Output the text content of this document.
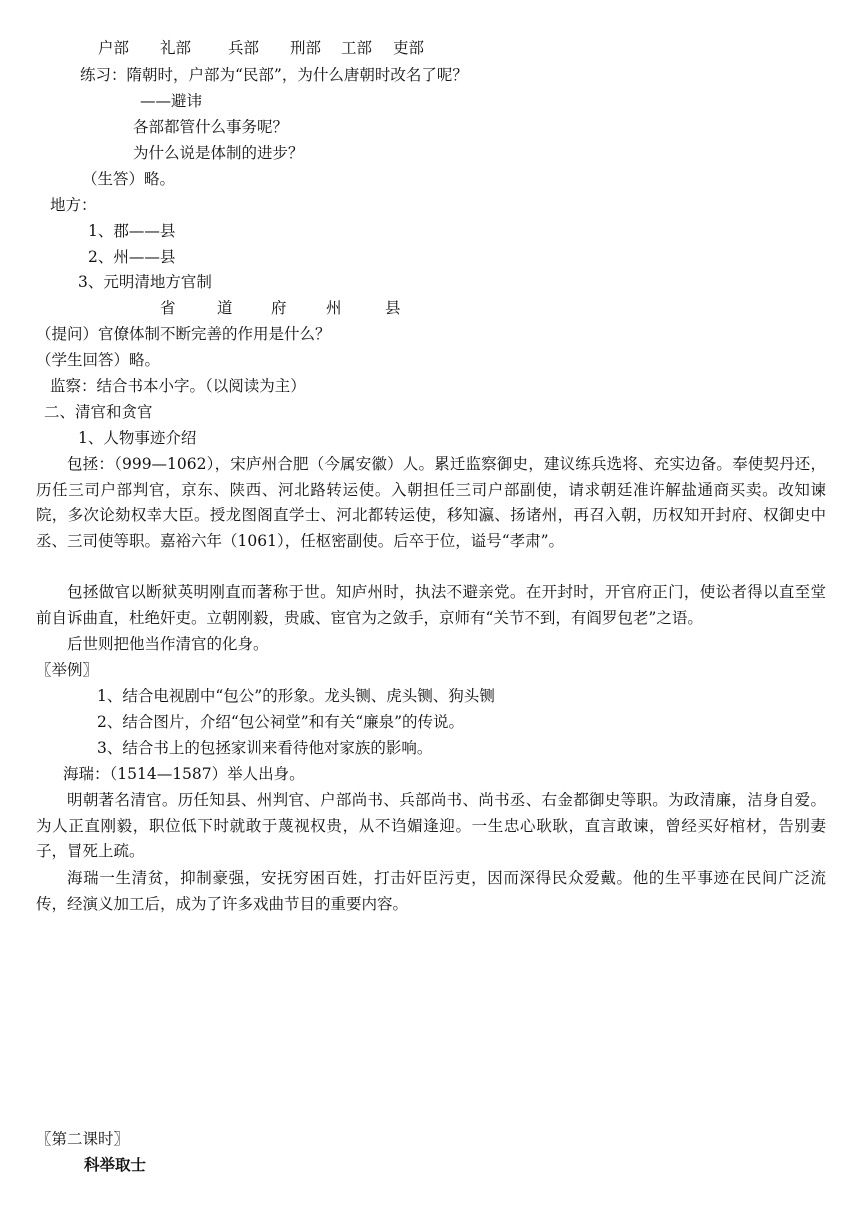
户部 礼部 兵部 刑部 工部 吏部
练习：隋朝时，户部为“民部”，为什么唐朝时改名了呢？
——避讳
各部都管什么事务呢？
为什么说是体制的进步？
（生答）略。
地方：
1、郡——县
2、州——县
3、元明清地方官制
省	道 府	州	县
（提问）官僚体制不断完善的作用是什么？
（学生回答）略。
监察：结合书本小字。（以阅读为主）
二、清官和贪官
1、人物事迹介绍
包拯：（999—1062），宋庐州合肥（今属安徽）人。累迁监察御史，建议练兵选将、充实边备。奉使契丹还，历任三司户部判官，京东、陕西、河北路转运使。入朝担任三司户部副使，请求朝廷准许解盐通商买卖。改知谏院，多次论劾权幸大臣。授龙图阁直学士、河北都转运使，移知瀛、扬诸州，再召入朝，历权知开封府、权御史中丞、三司使等职。嘉裕六年（1061），任枢密副使。后卒于位，谥号“孝肃”。
包拯做官以断狱英明刚直而著称于世。知庐州时，执法不避亲党。在开封时，开官府正门，使讼者得以直至堂前自诉曲直，杜绝奸吏。立朝刚毅，贵戚、宦官为之敛手，京师有“关节不到，有阎罗包老”之语。
后世则把他当作清官的化身。
〖举例〗
1、结合电视剧中“包公”的形象。龙头铡、虎头铡、狗头铡
2、结合图片，介绍“包公祠堂”和有关“廉泉”的传说。
3、结合书上的包拯家训来看待他对家族的影响。
海瑞：（1514—1587）举人出身。
明朝著名清官。历任知县、州判官、户部尚书、兵部尚书、尚书丞、右金都御史等职。为政清廉，洁身自爱。为人正直刚毅，职位低下时就敢于蔑视权贵，从不诌媚逢迎。一生忠心耿耿，直言敢谏，曾经买好棺材，告别妻子，冒死上疏。
海瑞一生清贫，抑制豪强，安抚穷困百姓，打击奸臣污吏，因而深得民众爱戴。他的生平事迹在民间广泛流传，经演义加工后，成为了许多戏曲节目的重要内容。
〖第二课时〗
科举取士
